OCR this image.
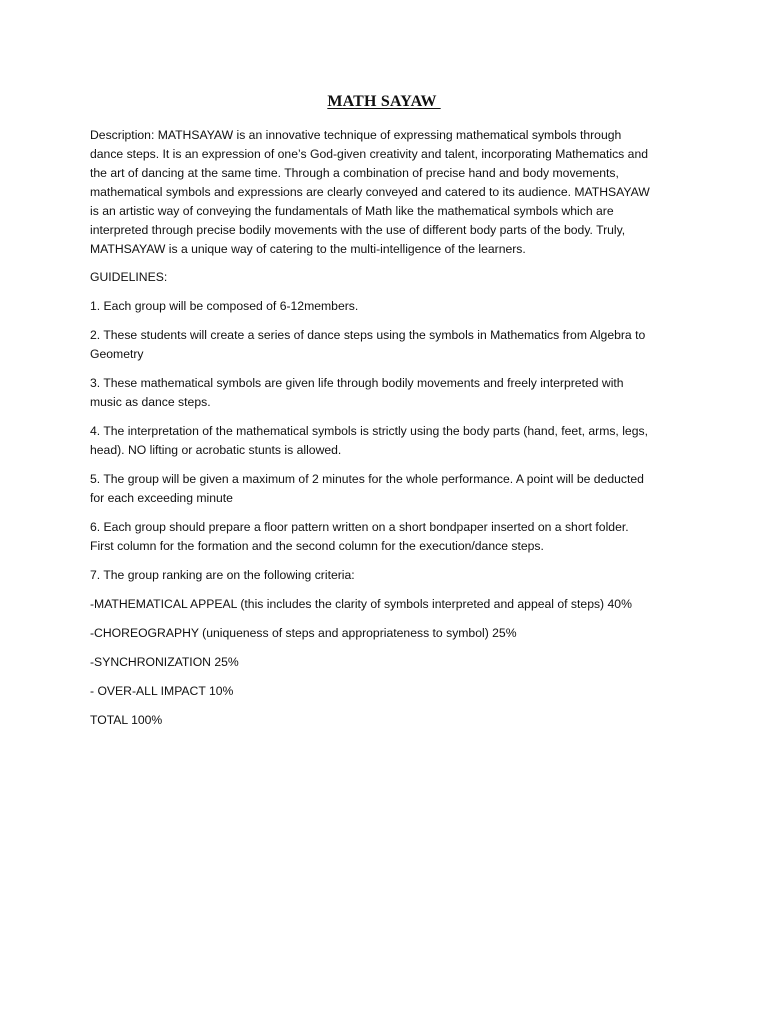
MATH SAYAW

Description: MATHSAYAW is an innovative technique of expressing mathematical symbols through
dance steps. It is an expression of one’s God-given creativity and talent, incorporating Mathematics and
the art of dancing at the same time. Through a combination of precise hand and body movements,
mathematical symbols and expressions are clearly conveyed and catered to its audience. MATHSAYAW
is an artistic way of conveying the fundamentals of Math like the mathematical symbols which are
interpreted through precise bodily movements with the use of different body parts of the body. Truly,
MATHSAYAW is a unique way of catering to the multi-intelligence of the learners.

GUIDELINES:

1. Each group will be composed of 6-12members.

2. These students will create a series of dance steps using the symbols in Mathematics from Algebra to
Geometry

3. These mathematical symbols are given life through bodily movements and freely interpreted with
music as dance steps.

4. The interpretation of the mathematical symbols is strictly using the body parts (hand, feet, arms, legs,
head). NO lifting or acrobatic stunts is allowed.

5. The group will be given a maximum of 2 minutes for the whole performance. A point will be deducted
for each exceeding minute

6. Each group should prepare a floor pattern written on a short bondpaper inserted on a short folder.
First column for the formation and the second column for the execution/dance steps.

7. The group ranking are on the following criteria:

-MATHEMATICAL APPEAL (this includes the clarity of symbols interpreted and appeal of steps) 40%

-CHOREOGRAPHY (uniqueness of steps and appropriateness to symbol) 25%

-SYNCHRONIZATION 25%

- OVER-ALL IMPACT 10%

TOTAL 100%
